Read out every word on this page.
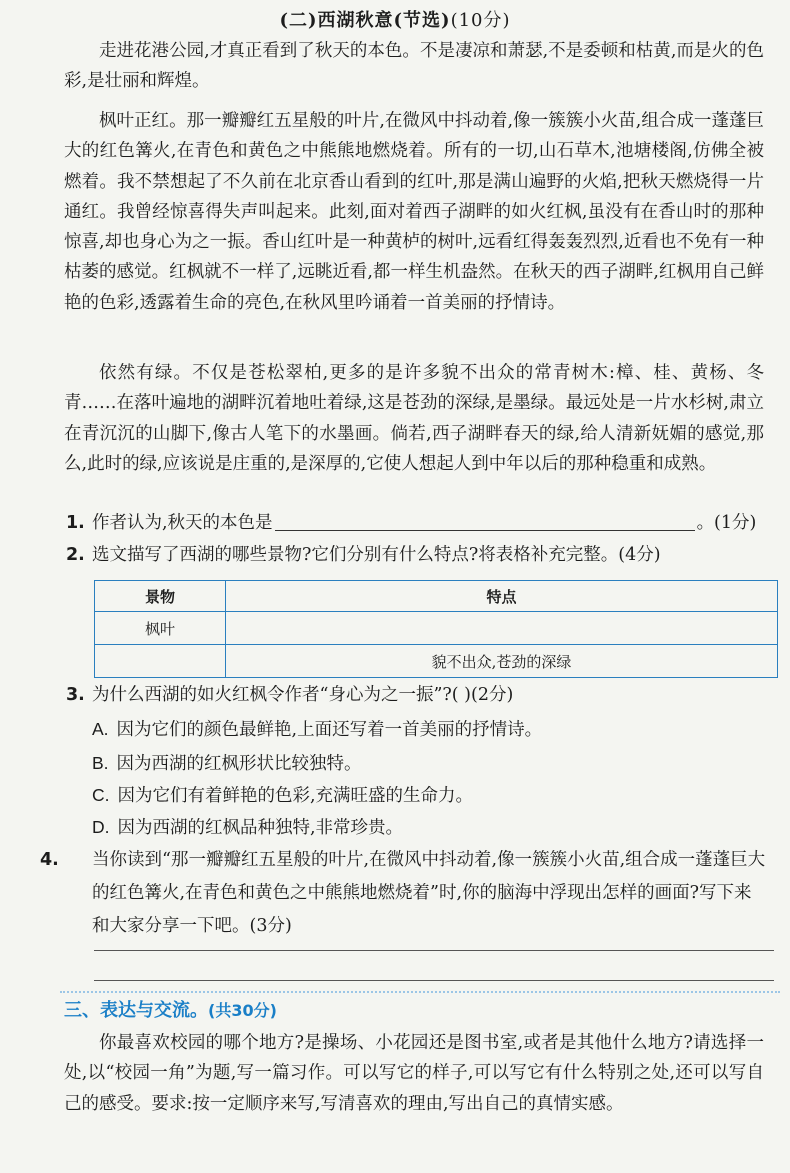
(二)西湖秋意(节选)(10分)

走进花港公园,才真正看到了秋天的本色。不是凄凉和萧瑟,不是委顿和枯黄,而是火的色彩,是壮丽和辉煌。

枫叶正红。那一瓣瓣红五星般的叶片,在微风中抖动着,像一簇簇小火苗,组合成一蓬蓬巨大的红色篝火,在青色和黄色之中熊熊地燃烧着。所有的一切,山石草木,池塘楼阁,仿佛全被燃着。我不禁想起了不久前在北京香山看到的红叶,那是满山遍野的火焰,把秋天燃烧得一片通红。我曾经惊喜得失声叫起来。此刻,面对着西子湖畔的如火红枫,虽没有在香山时的那种惊喜,却也身心为之一振。香山红叶是一种黄栌的树叶,远看红得轰轰烈烈,近看也不免有一种枯萎的感觉。红枫就不一样了,远眺近看,都一样生机盎然。在秋天的西子湖畔,红枫用自己鲜艳的色彩,透露着生命的亮色,在秋风里吟诵着一首美丽的抒情诗。

依然有绿。不仅是苍松翠柏,更多的是许多貌不出众的常青树木:樟、桂、黄杨、冬青……在落叶遍地的湖畔沉着地吐着绿,这是苍劲的深绿,是墨绿。最远处是一片水杉树,肃立在青沉沉的山脚下,像古人笔下的水墨画。倘若,西子湖畔春天的绿,给人清新妩媚的感觉,那么,此时的绿,应该说是庄重的,是深厚的,它使人想起人到中年以后的那种稳重和成熟。

1. 作者认为,秋天的本色是	。(1分)

2. 选文描写了西湖的哪些景物?它们分别有什么特点?将表格补充完整。(4分)

景物	特点
枫叶	
	貌不出众,苍劲的深绿

3. 为什么西湖的如火红枫令作者“身心为之一振”?( )(2分)

A. 因为它们的颜色最鲜艳,上面还写着一首美丽的抒情诗。
B. 因为西湖的红枫形状比较独特。
C. 因为它们有着鲜艳的色彩,充满旺盛的生命力。
D. 因为西湖的红枫品种独特,非常珍贵。

4. 当你读到“那一瓣瓣红五星般的叶片,在微风中抖动着,像一簇簇小火苗,组合成一蓬蓬巨大的红色篝火,在青色和黄色之中熊熊地燃烧着”时,你的脑海中浮现出怎样的画面?写下来和大家分享一下吧。(3分)

三、表达与交流。(共30分)

你最喜欢校园的哪个地方?是操场、小花园还是图书室,或者是其他什么地方?请选择一处,以“校园一角”为题,写一篇习作。可以写它的样子,可以写它有什么特别之处,还可以写自己的感受。要求:按一定顺序来写,写清喜欢的理由,写出自己的真情实感。
